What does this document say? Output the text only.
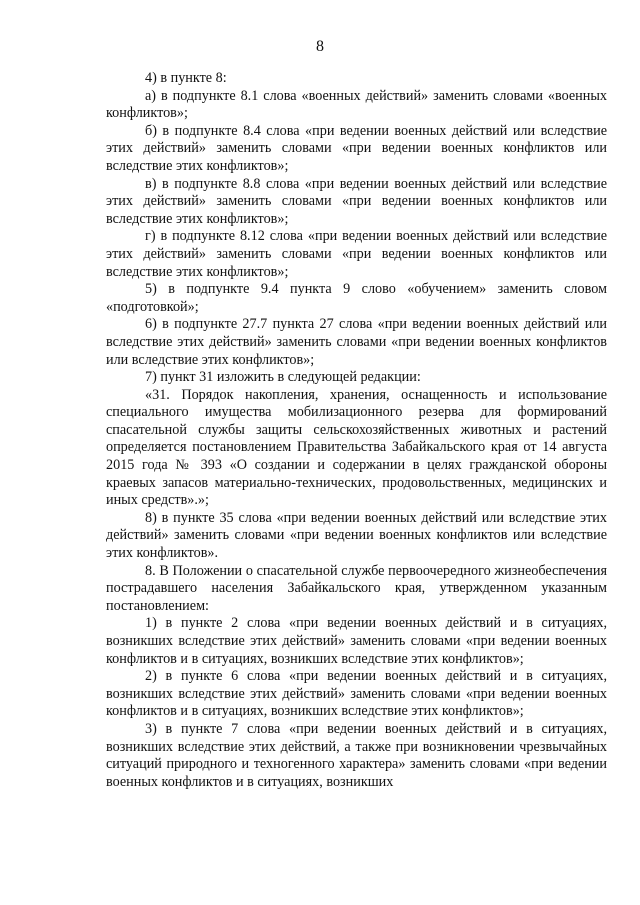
8

4) в пункте 8:

а) в подпункте 8.1 слова «военных действий» заменить словами «военных конфликтов»;

б) в подпункте 8.4 слова «при ведении военных действий или вследствие этих действий» заменить словами «при ведении военных конфликтов или вследствие этих конфликтов»;

в) в подпункте 8.8 слова «при ведении военных действий или вследствие этих действий» заменить словами «при ведении военных конфликтов или вследствие этих конфликтов»;

г) в подпункте 8.12 слова «при ведении военных действий или вследствие этих действий» заменить словами «при ведении военных конфликтов или вследствие этих конфликтов»;

5) в подпункте 9.4 пункта 9 слово «обучением» заменить словом «подготовкой»;

6) в подпункте 27.7 пункта 27 слова «при ведении военных действий или вследствие этих действий» заменить словами «при ведении военных конфликтов или вследствие этих конфликтов»;

7) пункт 31 изложить в следующей редакции:

«31. Порядок накопления, хранения, оснащенность и использование специального имущества мобилизационного резерва для формирований спасательной службы защиты сельскохозяйственных животных и растений определяется постановлением Правительства Забайкальского края от 14 августа 2015 года № 393 «О создании и содержании в целях гражданской обороны краевых запасов материально-технических, продовольственных, медицинских и иных средств».»;

8) в пункте 35 слова «при ведении военных действий или вследствие этих действий» заменить словами «при ведении военных конфликтов или вследствие этих конфликтов».

8. В Положении о спасательной службе первоочередного жизнеобеспечения пострадавшего населения Забайкальского края, утвержденном указанным постановлением:

1) в пункте 2 слова «при ведении военных действий и в ситуациях, возникших вследствие этих действий» заменить словами «при ведении военных конфликтов и в ситуациях, возникших вследствие этих конфликтов»;

2) в пункте 6 слова «при ведении военных действий и в ситуациях, возникших вследствие этих действий» заменить словами «при ведении военных конфликтов и в ситуациях, возникших вследствие этих конфликтов»;

3) в пункте 7 слова «при ведении военных действий и в ситуациях, возникших вследствие этих действий, а также при возникновении чрезвычайных ситуаций природного и техногенного характера» заменить словами «при ведении военных конфликтов и в ситуациях, возникших
